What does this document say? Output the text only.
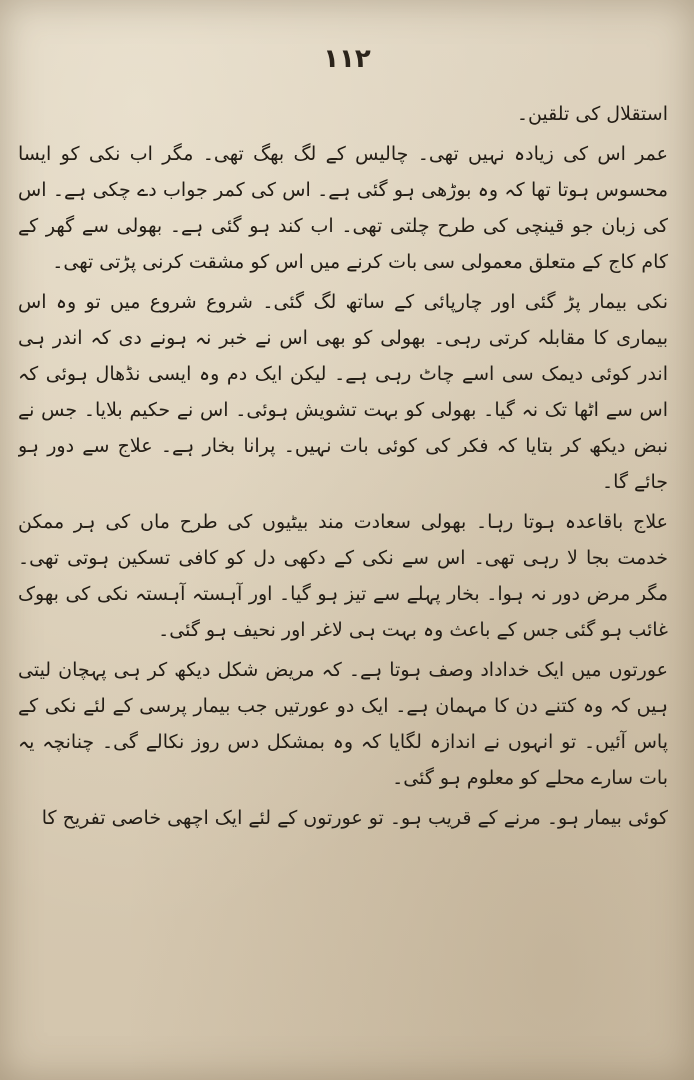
۱۱۲

استقلال کی تلقین۔

عمر اس کی زیادہ نہیں تھی۔ چالیس کے لگ بھگ تھی۔ مگر اب نکی کو ایسا محسوس ہوتا تھا کہ وہ بوڑھی ہو گئی ہے۔ اس کی کمر جواب دے چکی ہے۔ اس کی زبان جو قینچی کی طرح چلتی تھی۔ اب کند ہو گئی ہے۔ بھولی سے گھر کے کام کاج کے متعلق معمولی سی بات کرنے میں اس کو مشقت کرنی پڑتی تھی۔

نکی بیمار پڑ گئی اور چارپائی کے ساتھ لگ گئی۔ شروع شروع میں تو وہ اس بیماری کا مقابلہ کرتی رہی۔ بھولی کو بھی اس نے خبر نہ ہونے دی کہ اندر ہی اندر کوئی دیمک سی اسے چاٹ رہی ہے۔ لیکن ایک دم وہ ایسی نڈھال ہوئی کہ اس سے اٹھا تک نہ گیا۔ بھولی کو بہت تشویش ہوئی۔ اس نے حکیم بلایا۔ جس نے نبض دیکھ کر بتایا کہ فکر کی کوئی بات نہیں۔ پرانا بخار ہے۔ علاج سے دور ہو جائے گا۔

علاج باقاعدہ ہوتا رہا۔ بھولی سعادت مند بیٹیوں کی طرح ماں کی ہر ممکن خدمت بجا لا رہی تھی۔ اس سے نکی کے دکھی دل کو کافی تسکین ہوتی تھی۔ مگر مرض دور نہ ہوا۔ بخار پہلے سے تیز ہو گیا۔ اور آہستہ آہستہ نکی کی بھوک غائب ہو گئی جس کے باعث وہ بہت ہی لاغر اور نحیف ہو گئی۔

عورتوں میں ایک خداداد وصف ہوتا ہے۔ کہ مریض شکل دیکھ کر ہی پہچان لیتی ہیں کہ وہ کتنے دن کا مہمان ہے۔ ایک دو عورتیں جب بیمار پرسی کے لئے نکی کے پاس آئیں۔ تو انہوں نے اندازہ لگایا کہ وہ بمشکل دس روز نکالے گی۔ چنانچہ یہ بات سارے محلے کو معلوم ہو گئی۔

کوئی بیمار ہو۔ مرنے کے قریب ہو۔ تو عورتوں کے لئے ایک اچھی خاصی تفریح کا
